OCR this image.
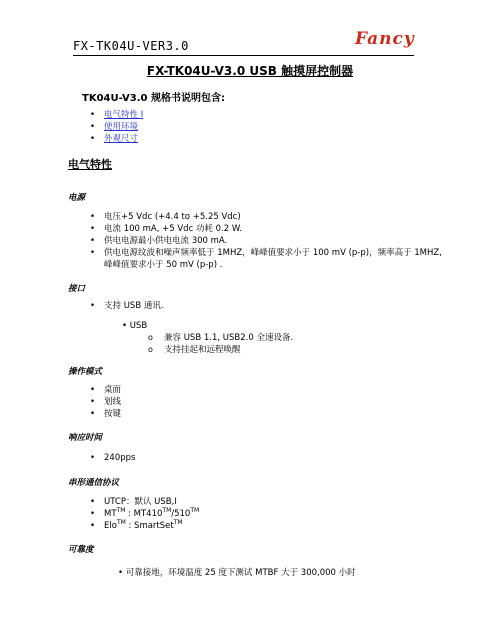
FX-TK04U-VER3.0	Fancy
FX-TK04U-V3.0 USB 触摸屏控制器
TK04U-V3.0 规格书说明包含:
• 电气特性 I
• 使用环境
• 外观尺寸
电气特性
电源
• 电压+5 Vdc (+4.4 to +5.25 Vdc)
• 电流 100 mA, +5 Vdc 功耗 0.2 W.
• 供电电源最小供电电流 300 mA.
• 供电电源纹波和噪声频率低于 1MHZ，峰峰值要求小于 100 mV (p-p)，频率高于 1MHZ,
峰峰值要求小于 50 mV (p-p) .
接口
• 支持 USB 通讯.
• USB
o 兼容 USB 1.1, USB2.0 全速设备.
o 支持挂起和远程唤醒
操作模式
• 桌面
• 划线
• 按键
响应时间
• 240pps
串形通信协议
• UTCP：默认 USB,I
• MT™ : MT410™/510™
• Elo™ : SmartSet™
可靠度
• 可靠接地，环境温度 25 度下测试 MTBF 大于 300,000 小时
